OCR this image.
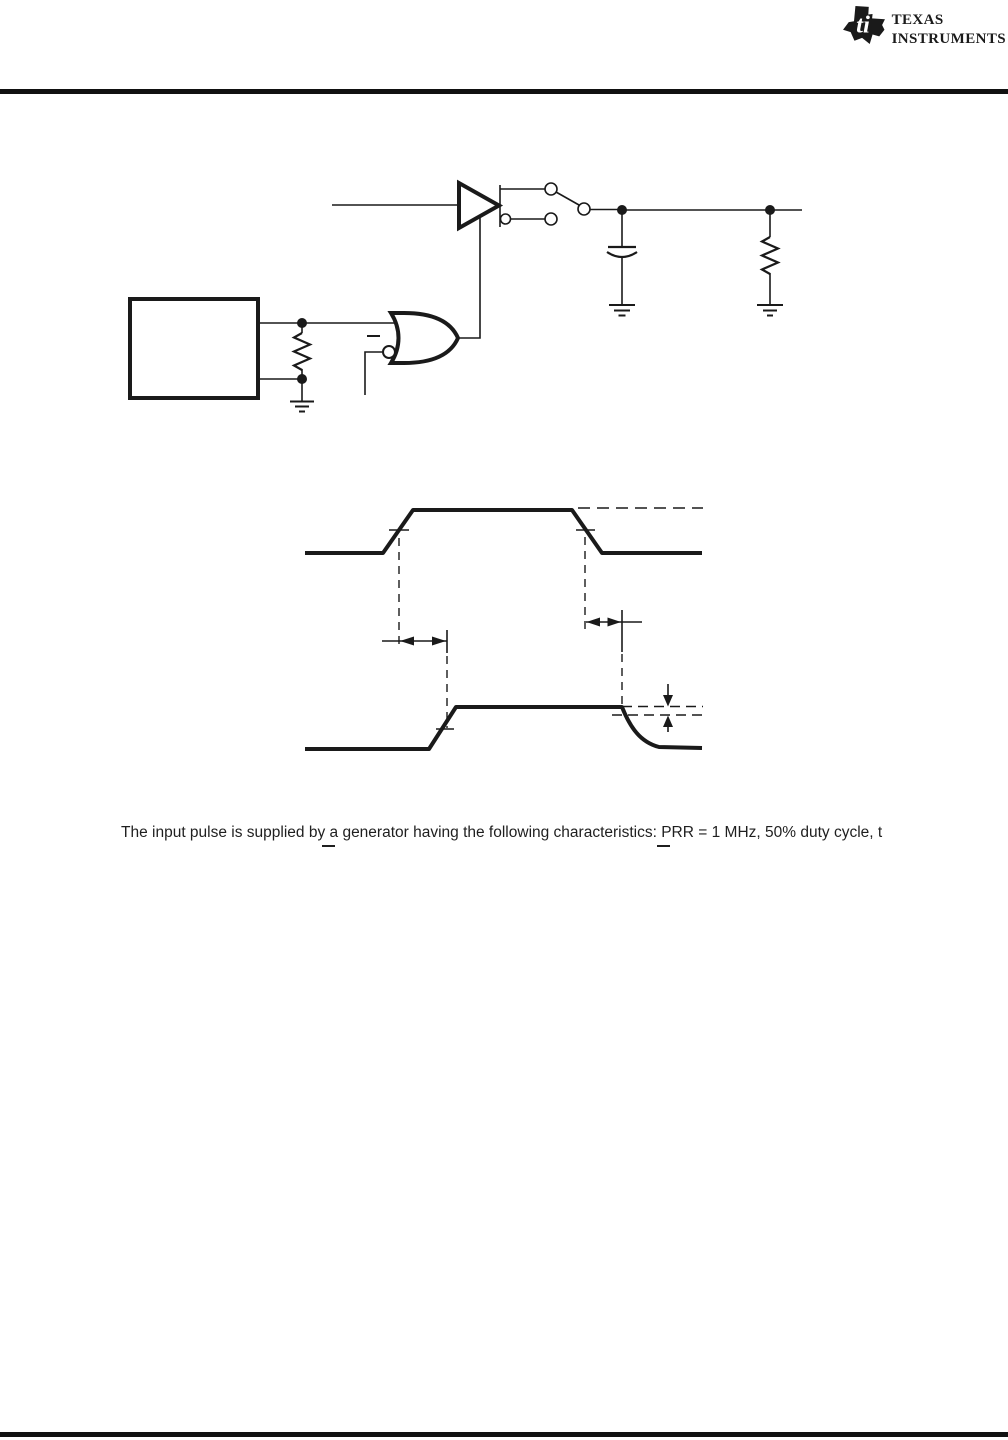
ti texas
instruments

The input pulse is supplied by a generator having the following characteristics: PRR = 1 MHz, 50% duty cycle, t
